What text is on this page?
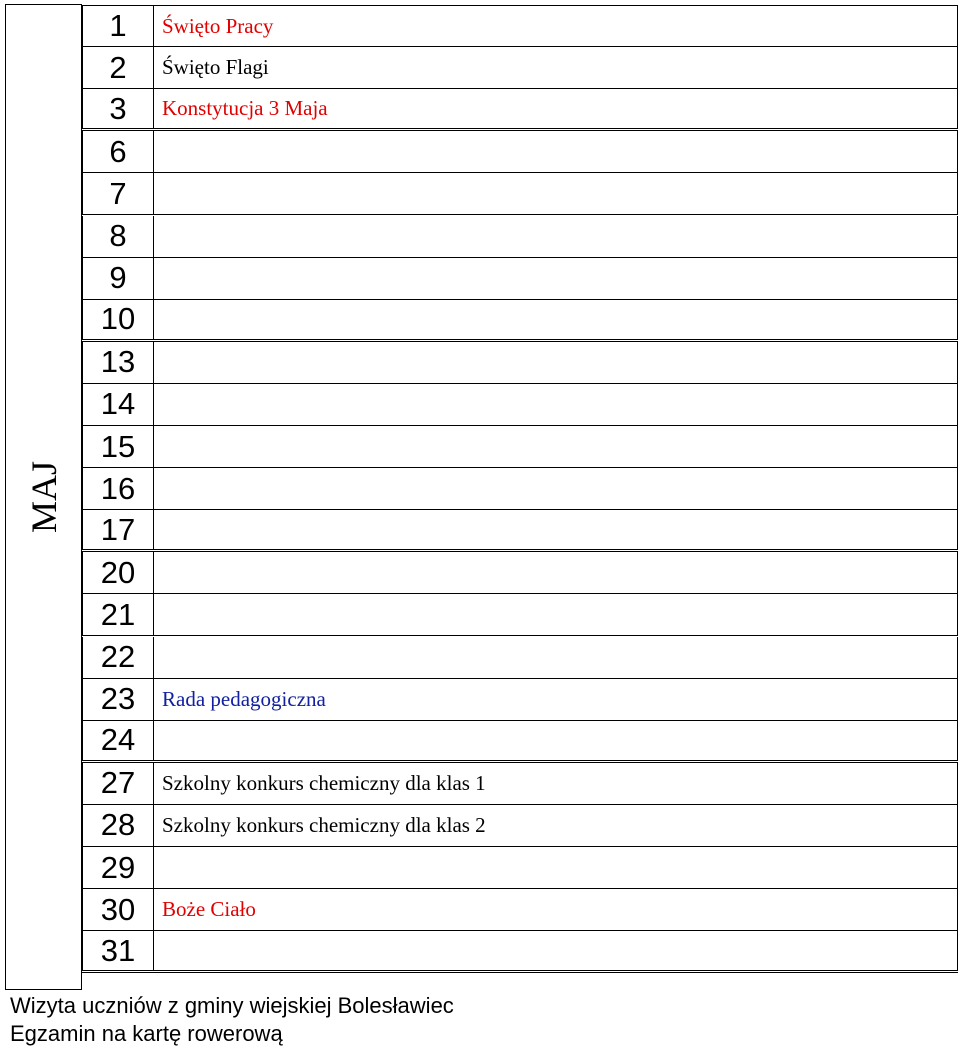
MAJ
1	Święto Pracy
2	Święto Flagi
3	Konstytucja 3 Maja
6
7
8
9
10
13
14
15
16
17
20
21
22
23	Rada pedagogiczna
24
27	Szkolny konkurs chemiczny dla klas 1
28	Szkolny konkurs chemiczny dla klas 2
29
30	Boże Ciało
31
Wizyta uczniów z gminy wiejskiej Bolesławiec
Egzamin na kartę rowerową
